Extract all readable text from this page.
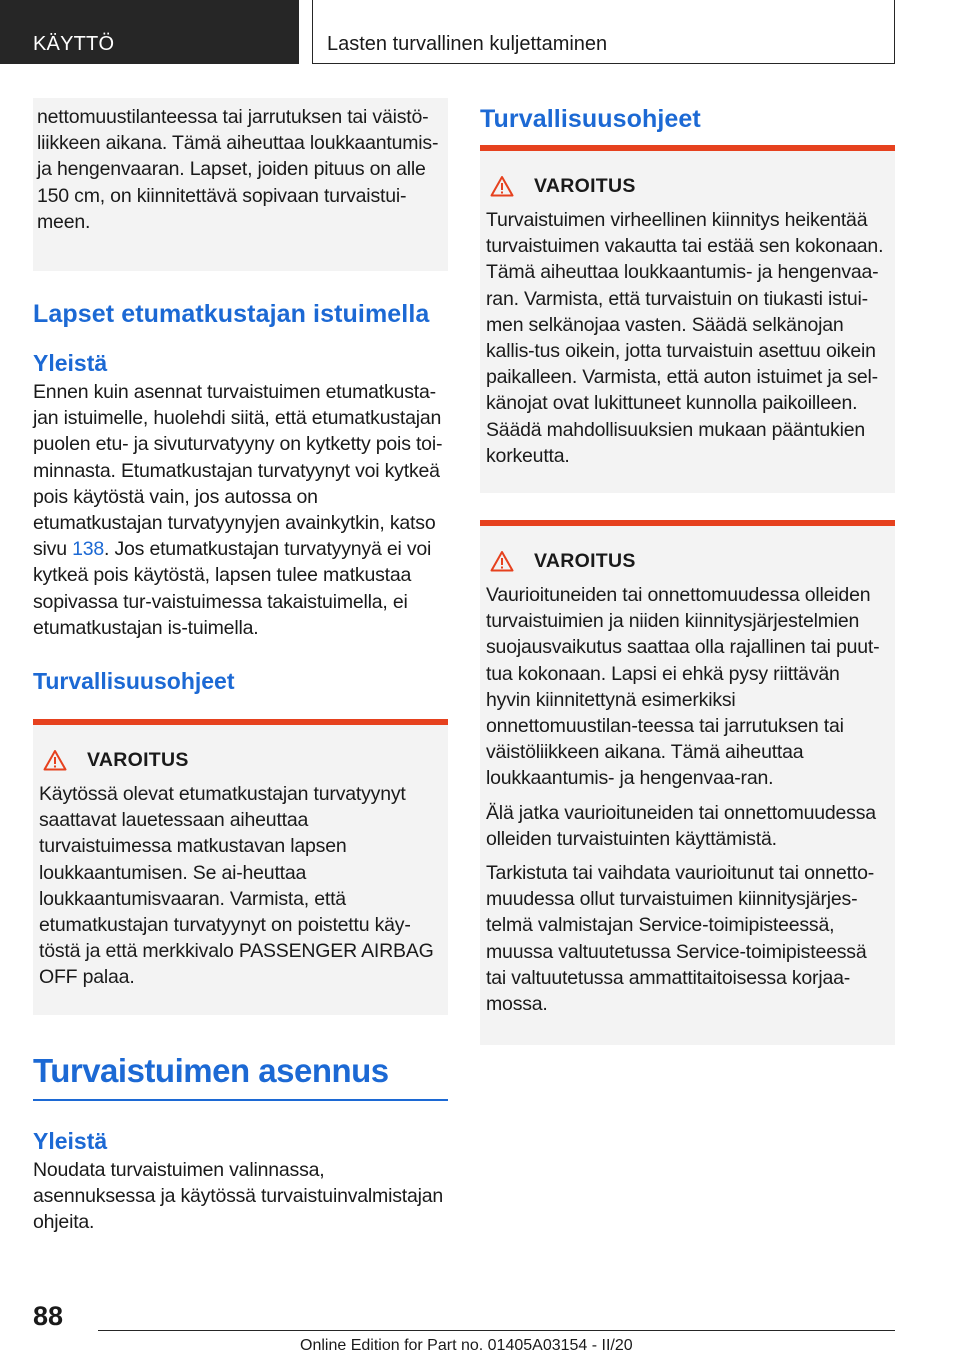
KÄYTTÖ	Lasten turvallinen kuljettaminen

nettomuustilanteessa tai jarrutuksen tai väistö-liikkeen aikana. Tämä aiheuttaa loukkaantumis- ja hengenvaaran. Lapset, joiden pituus on alle 150 cm, on kiinnitettävä sopivaan turvaistui-meen.

Lapset etumatkustajan istuimella
Yleistä
Ennen kuin asennat turvaistuimen etumatkusta-jan istuimelle, huolehdi siitä, että etumatkustajan puolen etu- ja sivuturvatyyny on kytketty pois toi-minnasta. Etumatkustajan turvatyynyt voi kytkeä pois käytöstä vain, jos autossa on etumatkustajan turvatyynyjen avainkytkin, katso sivu 138. Jos etumatkustajan turvatyynyä ei voi kytkeä pois käytöstä, lapsen tulee matkustaa sopivassa tur-vaistuimessa takaistuimella, ei etumatkustajan is-tuimella.
Turvallisuusohjeet
VAROITUS

Käytössä olevat etumatkustajan turvatyynyt saattavat lauetessaan aiheuttaa turvaistuimessa matkustavan lapsen loukkaantumisen. Se ai-heuttaa loukkaantumisvaaran. Varmista, että etumatkustajan turvatyynyt on poistettu käy-töstä ja että merkkivalo PASSENGER AIRBAG OFF palaa.

Turvaistuimen asennus
Yleistä

Noudata turvaistuimen valinnassa, asennuksessa ja käytössä turvaistuinvalmistajan ohjeita.

Turvallisuusohjeet
VAROITUS

Turvaistuimen virheellinen kiinnitys heikentää turvaistuimen vakautta tai estää sen kokonaan. Tämä aiheuttaa loukkaantumis- ja hengenvaa-ran. Varmista, että turvaistuin on tiukasti istui-men selkänojaa vasten. Säädä selkänojan kallis-tus oikein, jotta turvaistuin asettuu oikein paikalleen. Varmista, että auton istuimet ja sel-känojat ovat lukittuneet kunnolla paikoilleen. Säädä mahdollisuuksien mukaan pääntukien korkeutta.

VAROITUS

Vaurioituneiden tai onnettomuudessa olleiden turvaistuimien ja niiden kiinnitysjärjestelmien suojausvaikutus saattaa olla rajallinen tai puut-tua kokonaan. Lapsi ei ehkä pysy riittävän hyvin kiinnitettynä esimerkiksi onnettomuustilan-teessa tai jarrutuksen tai väistöliikkeen aikana. Tämä aiheuttaa loukkaantumis- ja hengenvaa-ran.

Älä jatka vaurioituneiden tai onnettomuudessa olleiden turvaistuinten käyttämistä.

Tarkistuta tai vaihdata vaurioitunut tai onnetto-muudessa ollut turvaistuimen kiinnitysjärjes-telmä valmistajan Service-toimipisteessä, muussa valtuutetussa Service-toimipisteessä tai valtuutetussa ammattitaitoisessa korjaa-mossa.

88
Online Edition for Part no. 01405A03154 - II/20
